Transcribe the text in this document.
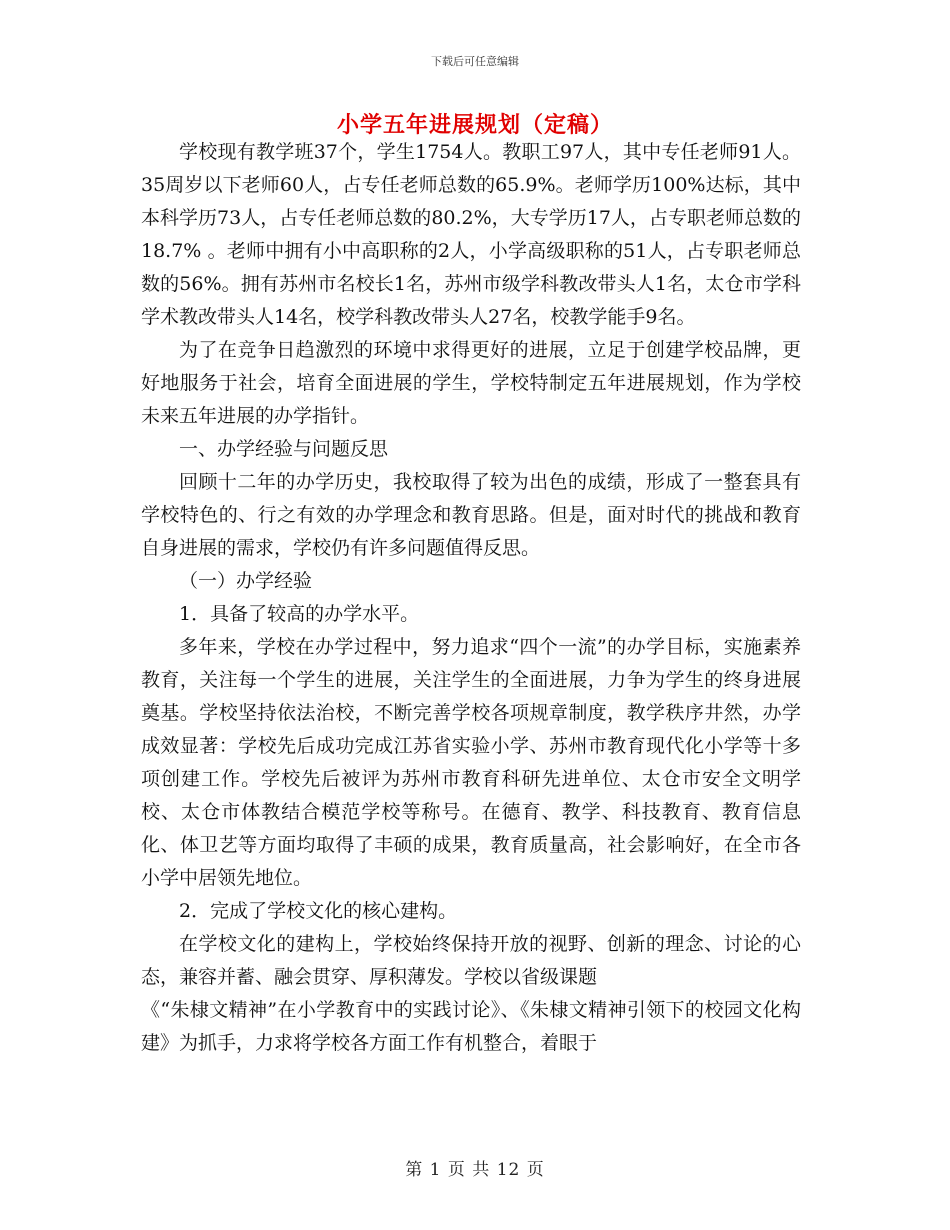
下载后可任意编辑
小学五年进展规划（定稿）

学校现有教学班37个，学生1754人。教职工97人，其中专任老师91人。35周岁以下老师60人，占专任老师总数的65.9%。老师学历100%达标，其中本科学历73人，占专任老师总数的80.2%，大专学历17人，占专职老师总数的18.7% 。老师中拥有小中高职称的2人，小学高级职称的51人，占专职老师总数的56%。拥有苏州市名校长1名，苏州市级学科教改带头人1名，太仓市学科学术教改带头人14名，校学科教改带头人27名，校教学能手9名。

为了在竞争日趋激烈的环境中求得更好的进展，立足于创建学校品牌，更好地服务于社会，培育全面进展的学生，学校特制定五年进展规划，作为学校未来五年进展的办学指针。

一、办学经验与问题反思

回顾十二年的办学历史，我校取得了较为出色的成绩，形成了一整套具有学校特色的、行之有效的办学理念和教育思路。但是，面对时代的挑战和教育自身进展的需求，学校仍有许多问题值得反思。

（一）办学经验

1．具备了较高的办学水平。

多年来，学校在办学过程中，努力追求“四个一流”的办学目标，实施素养教育，关注每一个学生的进展，关注学生的全面进展，力争为学生的终身进展奠基。学校坚持依法治校，不断完善学校各项规章制度，教学秩序井然，办学成效显著：学校先后成功完成江苏省实验小学、苏州市教育现代化小学等十多项创建工作。学校先后被评为苏州市教育科研先进单位、太仓市安全文明学校、太仓市体教结合模范学校等称号。在德育、教学、科技教育、教育信息化、体卫艺等方面均取得了丰硕的成果，教育质量高，社会影响好，在全市各小学中居领先地位。

2．完成了学校文化的核心建构。

在学校文化的建构上，学校始终保持开放的视野、创新的理念、讨论的心态，兼容并蓄、融会贯穿、厚积薄发。学校以省级课题

《“朱棣文精神”在小学教育中的实践讨论》、《朱棣文精神引领下的校园文化构建》为抓手，力求将学校各方面工作有机整合，着眼于

第 1 页 共 12 页
